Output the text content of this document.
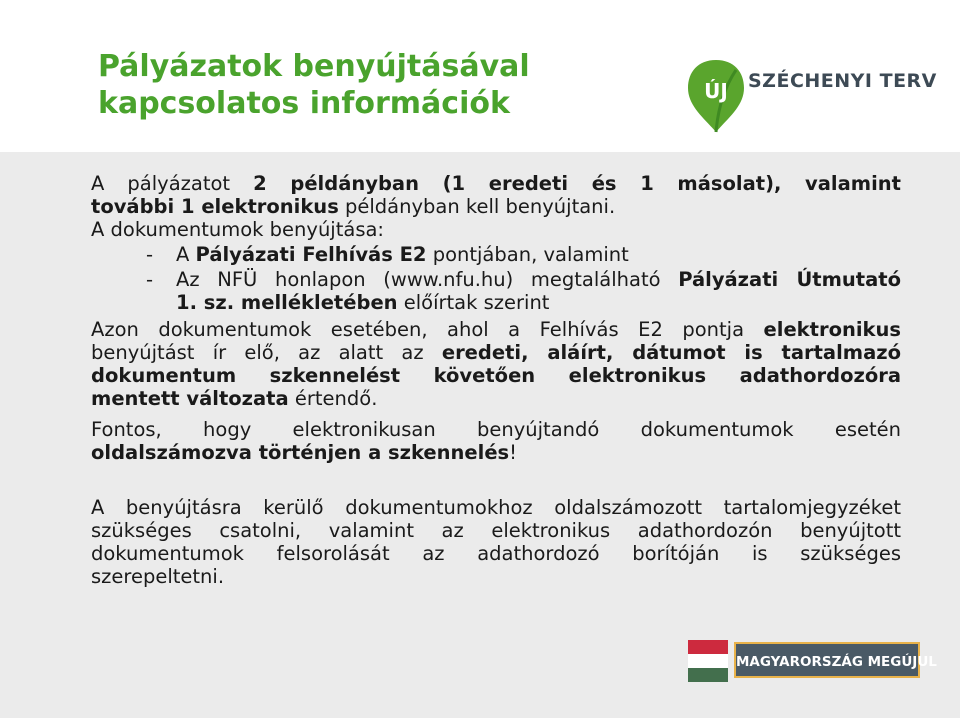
Pályázatok benyújtásával
kapcsolatos információk	ÚJ SZÉCHENYI TERV

A pályázatot 2 példányban (1 eredeti és 1 másolat), valamint

további 1 elektronikus példányban kell benyújtani.

A dokumentumok benyújtása:

-	A Pályázati Felhívás E2 pontjában, valamint
-	Az NFÜ honlapon (www.nfu.hu) megtalálható Pályázati Útmutató

1. sz. mellékletében előírtak szerint

Azon dokumentumok esetében, ahol a Felhívás E2 pontja elektronikus

benyújtást ír elő, az alatt az eredeti, aláírt, dátumot is tartalmazó

dokumentum szkennelést követően elektronikus adathordozóra

mentett változata értendő.

Fontos, hogy elektronikusan benyújtandó dokumentumok esetén

oldalszámozva történjen a szkennelés!

A benyújtásra kerülő dokumentumokhoz oldalszámozott tartalomjegyzéket

szükséges csatolni, valamint az elektronikus adathordozón benyújtott

dokumentumok felsorolását az adathordozó borítóján is szükséges

szerepeltetni.

MAGYARORSZÁG MEGÚJUL
